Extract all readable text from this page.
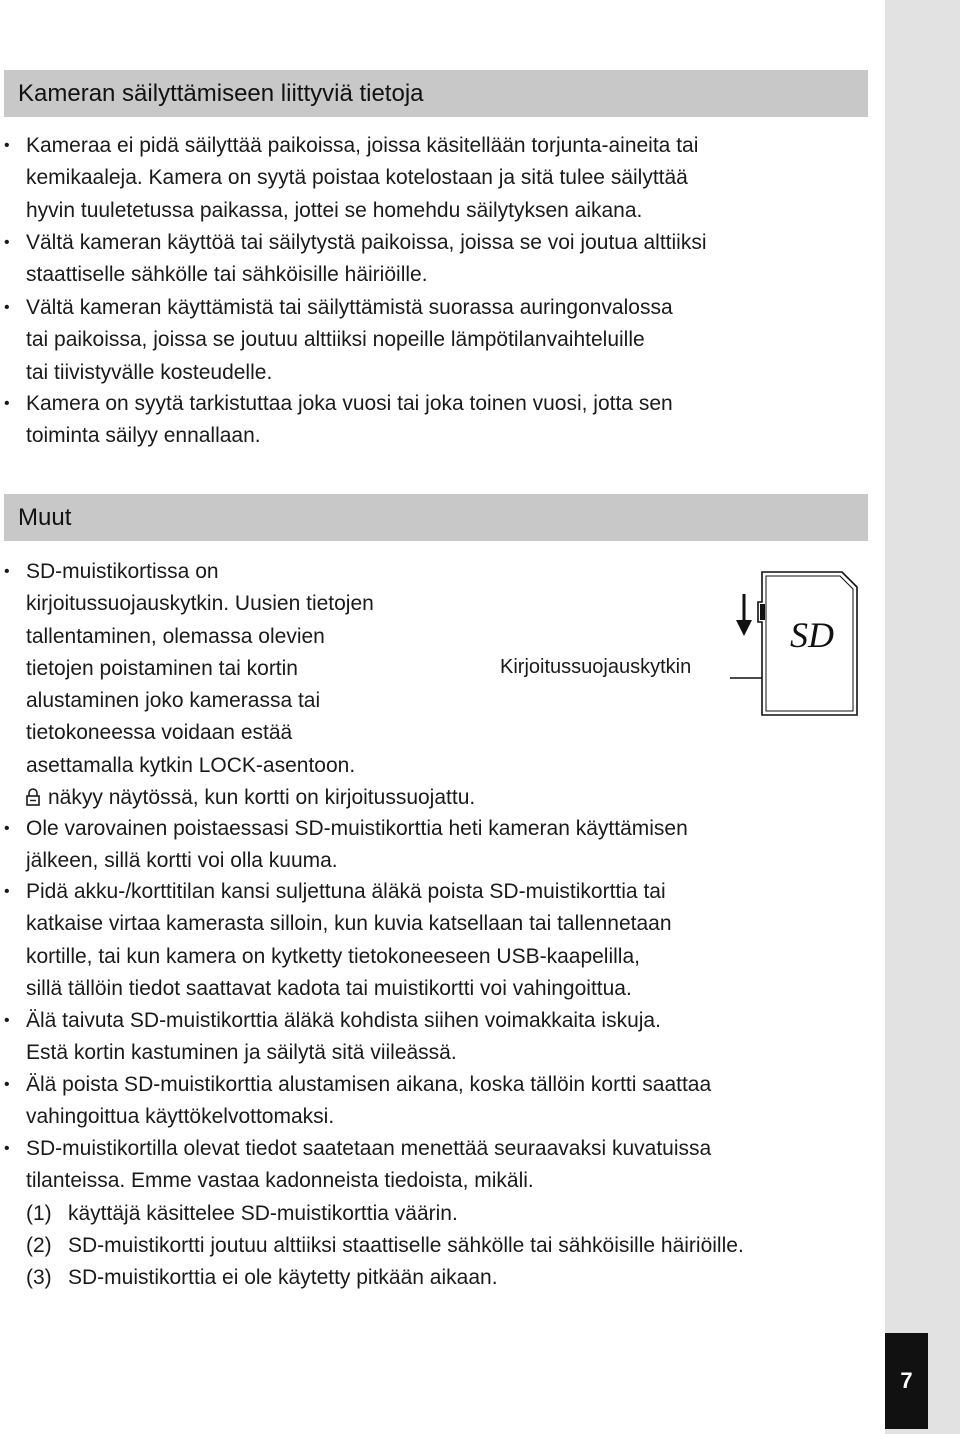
7
Kameran säilyttämiseen liittyviä tietoja
• Kameraa ei pidä säilyttää paikoissa, joissa käsitellään torjunta-aineita tai
kemikaaleja. Kamera on syytä poistaa kotelostaan ja sitä tulee säilyttää
hyvin tuuletetussa paikassa, jottei se homehdu säilytyksen aikana.

• Vältä kameran käyttöä tai säilytystä paikoissa, joissa se voi joutua alttiiksi
staattiselle sähkölle tai sähköisille häiriöille.

• Vältä kameran käyttämistä tai säilyttämistä suorassa auringonvalossa
tai paikoissa, joissa se joutuu alttiiksi nopeille lämpötilanvaihteluille
tai tiivistyvälle kosteudelle.

• Kamera on syytä tarkistuttaa joka vuosi tai joka toinen vuosi, jotta sen
toiminta säilyy ennallaan.

Muut
• SD-muistikortissa on
kirjoitussuojauskytkin. Uusien tietojen
tallentaminen, olemassa olevien
tietojen poistaminen tai kortin
alustaminen joko kamerassa tai
tietokoneessa voidaan estää
asettamalla kytkin LOCK-asentoon.
näkyy näytössä, kun kortti on kirjoitussuojattu.

Kirjoitussuojauskytkin
SD
• Ole varovainen poistaessasi SD-muistikorttia heti kameran käyttämisen
jälkeen, sillä kortti voi olla kuuma.

• Pidä akku-/korttitilan kansi suljettuna äläkä poista SD-muistikorttia tai
katkaise virtaa kamerasta silloin, kun kuvia katsellaan tai tallennetaan
kortille, tai kun kamera on kytketty tietokoneeseen USB-kaapelilla,
sillä tällöin tiedot saattavat kadota tai muistikortti voi vahingoittua.

• Älä taivuta SD-muistikorttia äläkä kohdista siihen voimakkaita iskuja.
Estä kortin kastuminen ja säilytä sitä viileässä.

• Älä poista SD-muistikorttia alustamisen aikana, koska tällöin kortti saattaa
vahingoittua käyttökelvottomaksi.

• SD-muistikortilla olevat tiedot saatetaan menettää seuraavaksi kuvatuissa
tilanteissa. Emme vastaa kadonneista tiedoista, mikäli.
(1) käyttäjä käsittelee SD-muistikorttia väärin.
(2) SD-muistikortti joutuu alttiiksi staattiselle sähkölle tai sähköisille häiriöille.
(3) SD-muistikorttia ei ole käytetty pitkään aikaan.
